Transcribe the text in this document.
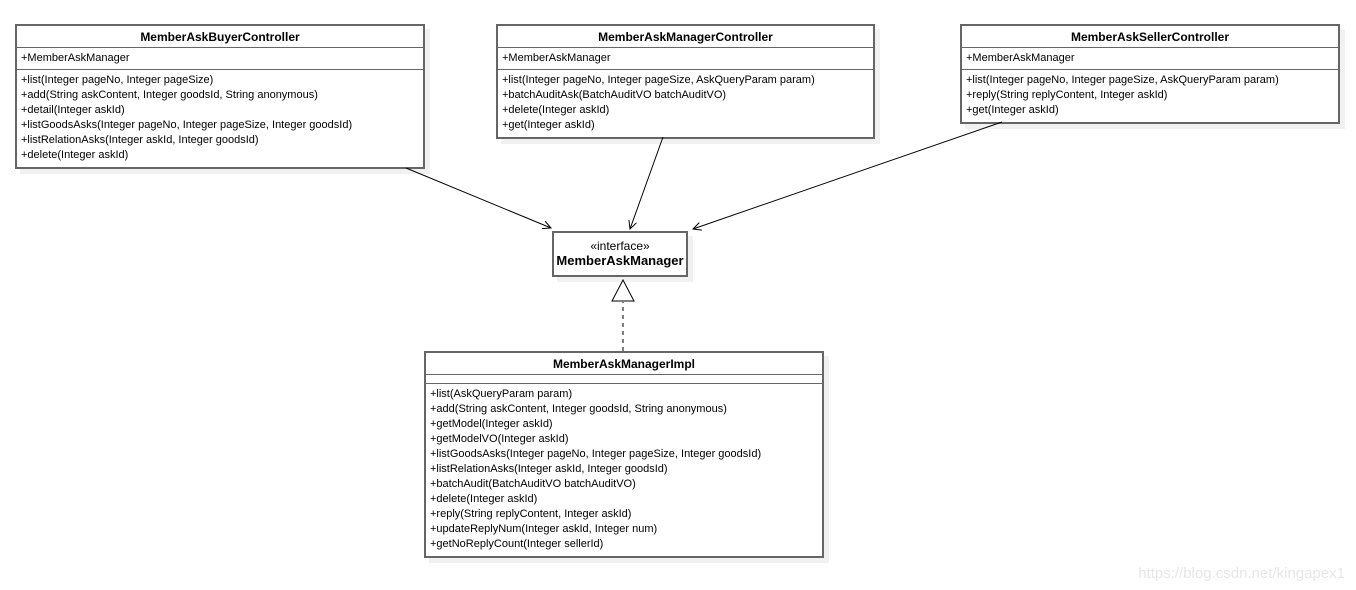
MemberAskBuyerController
+MemberAskManager
+list(Integer pageNo, Integer pageSize)
+add(String askContent, Integer goodsId, String anonymous)
+detail(Integer askId)
+listGoodsAsks(Integer pageNo, Integer pageSize, Integer goodsId)
+listRelationAsks(Integer askId, Integer goodsId)
+delete(Integer askId)
MemberAskManagerController
+MemberAskManager
+list(Integer pageNo, Integer pageSize, AskQueryParam param)
+batchAuditAsk(BatchAuditVO batchAuditVO)
+delete(Integer askId)
+get(Integer askId)
MemberAskSellerController
+MemberAskManager
+list(Integer pageNo, Integer pageSize, AskQueryParam param)
+reply(String replyContent, Integer askId)
+get(Integer askId)
«interface»
MemberAskManager
MemberAskManagerImpl
+list(AskQueryParam param)
+add(String askContent, Integer goodsId, String anonymous)
+getModel(Integer askId)
+getModelVO(Integer askId)
+listGoodsAsks(Integer pageNo, Integer pageSize, Integer goodsId)
+listRelationAsks(Integer askId, Integer goodsId)
+batchAudit(BatchAuditVO batchAuditVO)
+delete(Integer askId)
+reply(String replyContent, Integer askId)
+updateReplyNum(Integer askId, Integer num)
+getNoReplyCount(Integer sellerId)
https://blog.csdn.net/kingapex1
